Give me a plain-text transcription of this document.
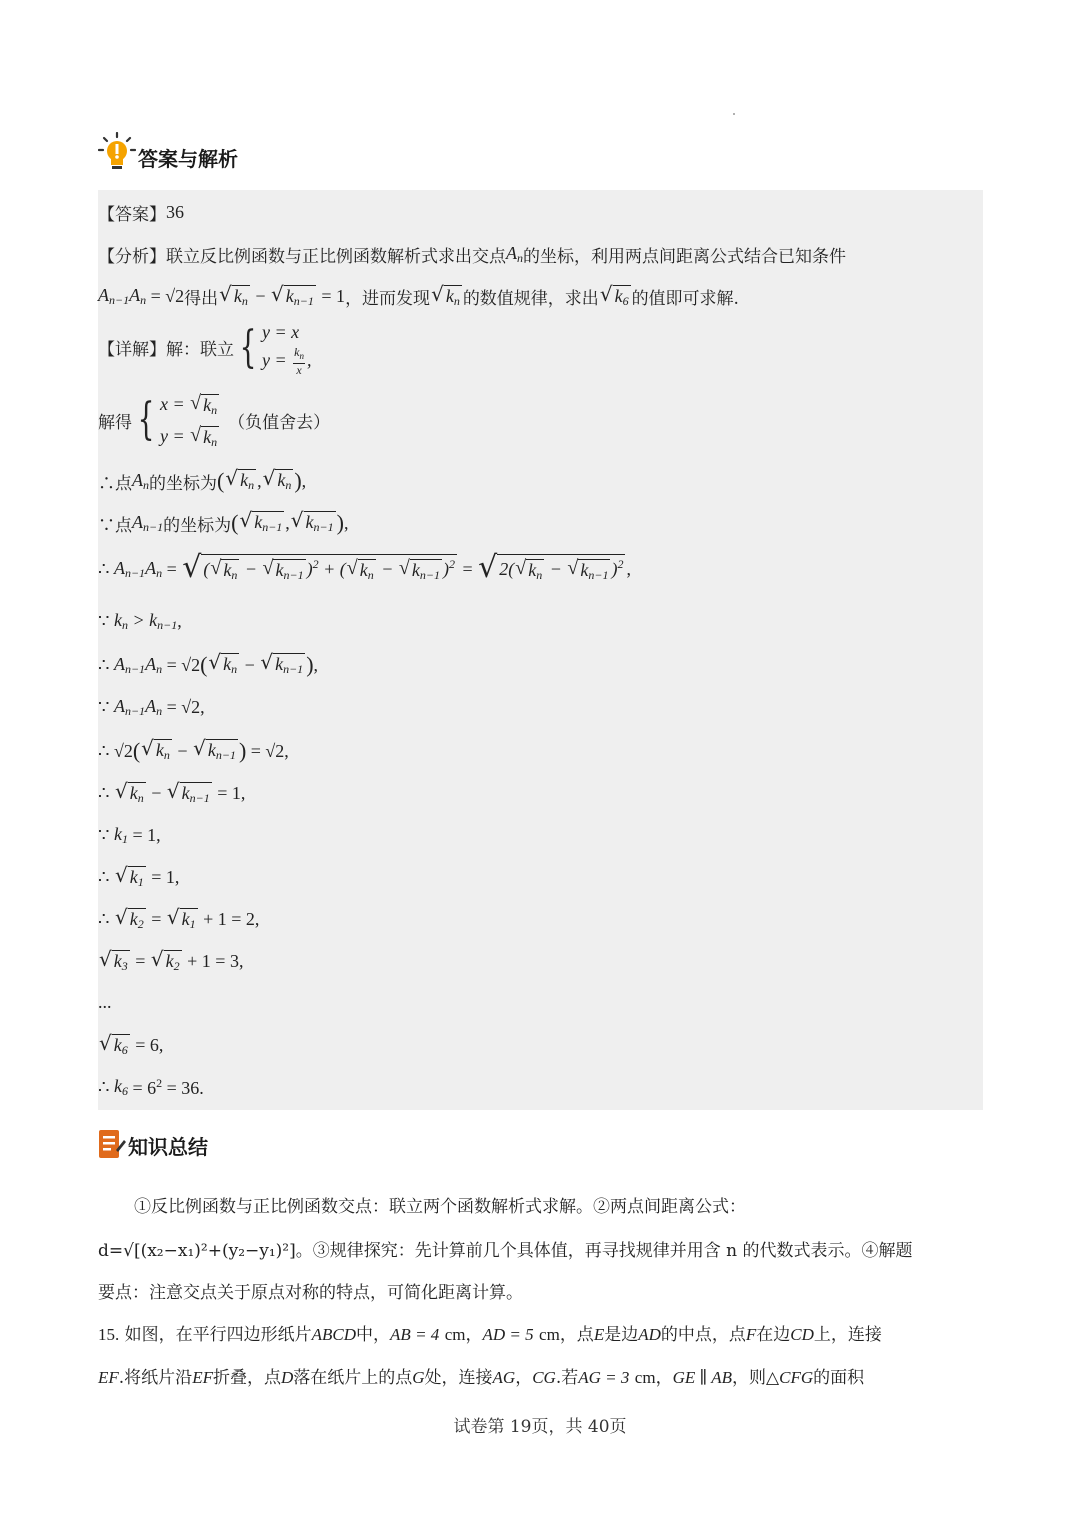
答案与解析
【答案】 36
【分析】 联立反比例函数与正比例函数解析式求出交点 $A_n$ 的坐标，利用两点间距离公式结合已知条件
$A_{n-1}A_n = √2$ 得出 √ $k_n$ − √ $k_{n-1} = 1$ ，进而发现 √ $k_n$ 的数值规律，求出 √ $k_6$ 的值即可求解.
【详解】 解：联立 { y = x
$y = \frac{k_n}{x}$ ,
解得 { x = √ $k_n$
y = √ $k_n$
（负值舍去）
∴点 $A_n$ 的坐标为 ( √ $k_n$ , √ $k_n$ ) ,
∵点 $A_{n-1}$ 的坐标为 ( √ $k_{n-1}$ , √ $k_{n-1}$ ) ,
∴ $A_{n-1}A_n$ = √ ( √ $k_n$ − √ $k_{n-1}$ )$^2$ + ( √ $k_n$ − √ $k_{n-1}$ )$^2$ = √ 2( √ $k_n$ − √ $k_{n-1}$ )$^2$ ,
∵ $k_n > k_{n-1}$ ,
∴ $A_{n-1}A_n = √2$ ( √ $k_n$ − √ $k_{n-1}$ ) ,
∵ $A_{n-1}A_n = √2$,
∴ √2 ( √ $k_n$ − √ $k_{n-1}$ ) = √2,
∴ √ $k_n$ − √ $k_{n-1} = 1$,
∵ $k_1 = 1$,
∴ √ $k_1 = 1$,
∴ √ $k_2$ = √ $k_1 + 1 = 2$,
√ $k_3$ = √ $k_2 + 1 = 3$,
...
√ $k_6 = 6$,
∴ $k_6 = 6^2 = 36$.
知识总结
①反比例函数与正比例函数交点：联立两个函数解析式求解。②两点间距离公式：
d=√[(x₂−x₁)²+(y₂−y₁)²]。③规律探究：先计算前几个具体值，再寻找规律并用含 n 的代数式表示。④解题
要点：注意交点关于原点对称的特点，可简化距离计算。
15. 如图，在平行四边形纸片ABCD中，AB = 4 cm，AD = 5 cm，点E是边AD的中点，点F在边CD上，连接
EF.将纸片沿EF折叠，点D落在纸片上的点G处，连接AG，CG.若AG = 3 cm，GE ∥ AB，则△CFG的面积
试卷第 19页，共 40页
